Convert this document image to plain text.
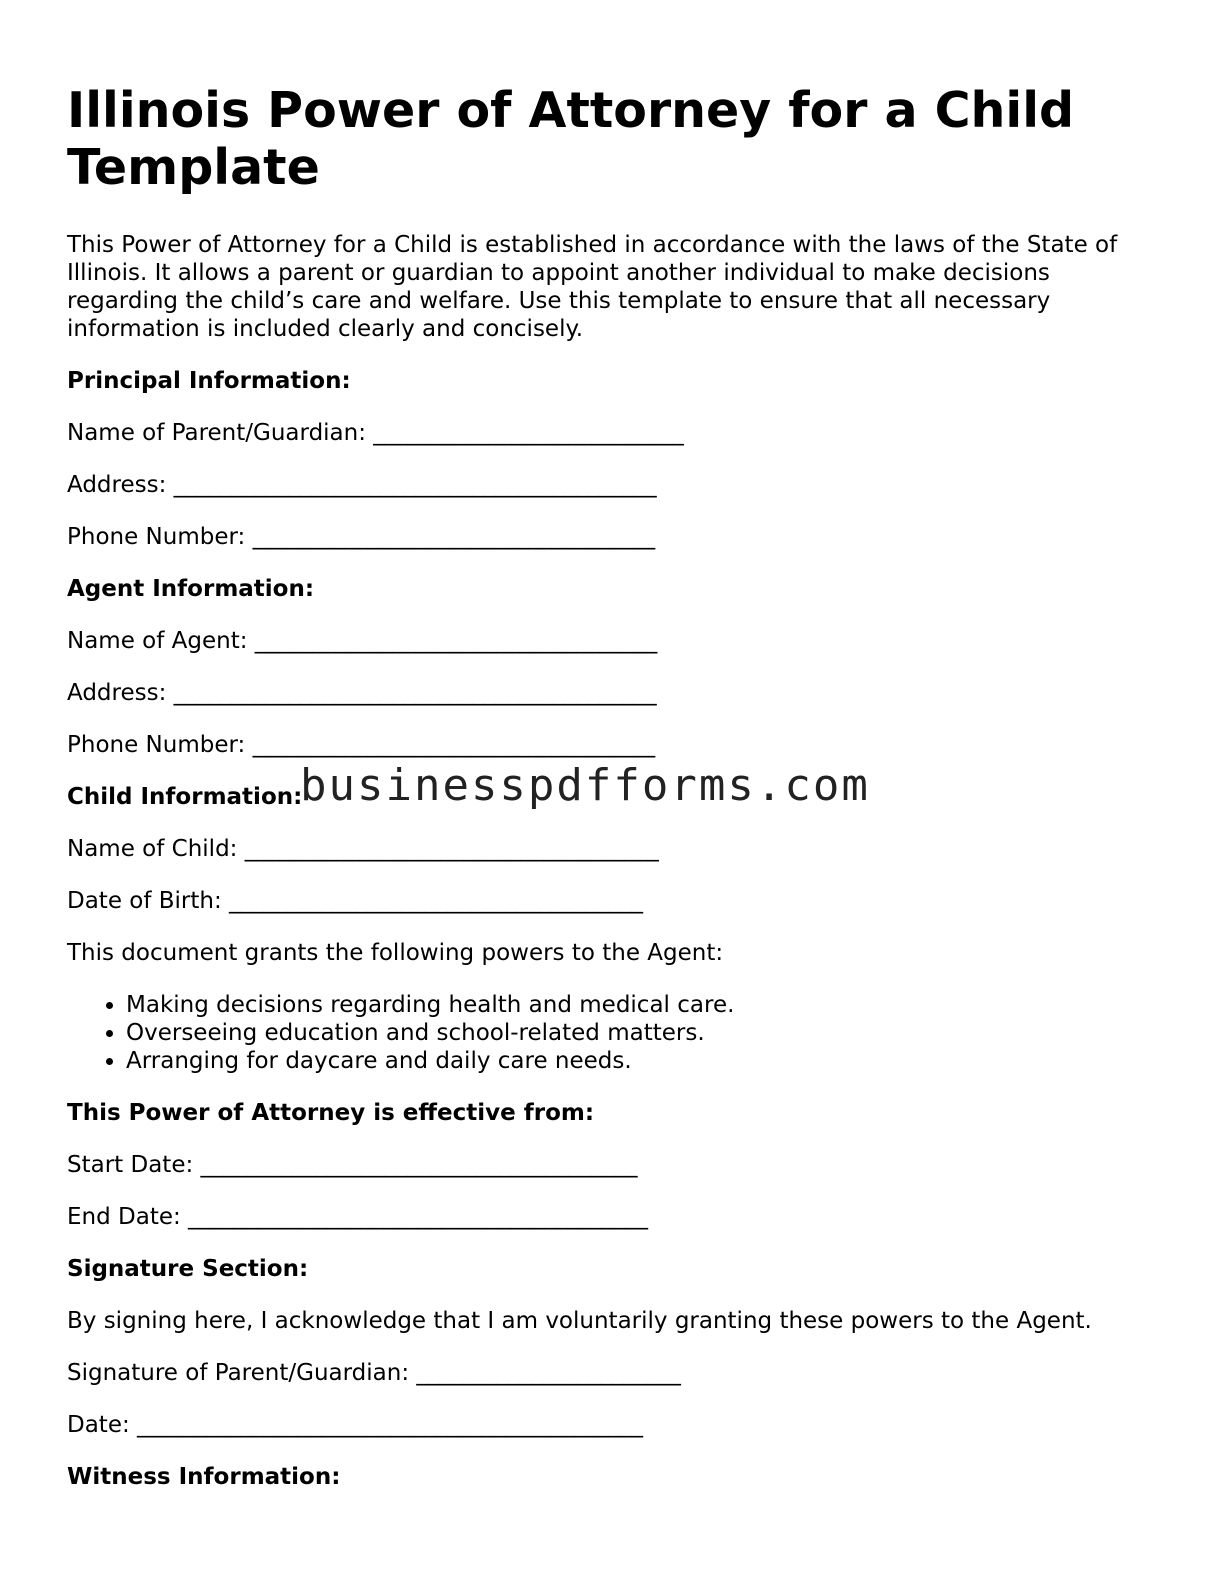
Illinois Power of Attorney for a Child Template

This Power of Attorney for a Child is established in accordance with the laws of the State of Illinois. It allows a parent or guardian to appoint another individual to make decisions regarding the child’s care and welfare. Use this template to ensure that all necessary information is included clearly and concisely.

Principal Information:

Name of Parent/Guardian: ___________________________

Address: __________________________________________

Phone Number: ___________________________________

Agent Information:

Name of Agent: ___________________________________

Address: __________________________________________

Phone Number: ___________________________________

Child Information:

Name of Child: ____________________________________

Date of Birth: ____________________________________

This document grants the following powers to the Agent:

• Making decisions regarding health and medical care.
• Overseeing education and school-related matters.
• Arranging for daycare and daily care needs.

This Power of Attorney is effective from:

Start Date: ______________________________________

End Date: ________________________________________

Signature Section:

By signing here, I acknowledge that I am voluntarily granting these powers to the Agent.

Signature of Parent/Guardian: _______________________

Date: ____________________________________________

Witness Information:

businesspdfforms.com
